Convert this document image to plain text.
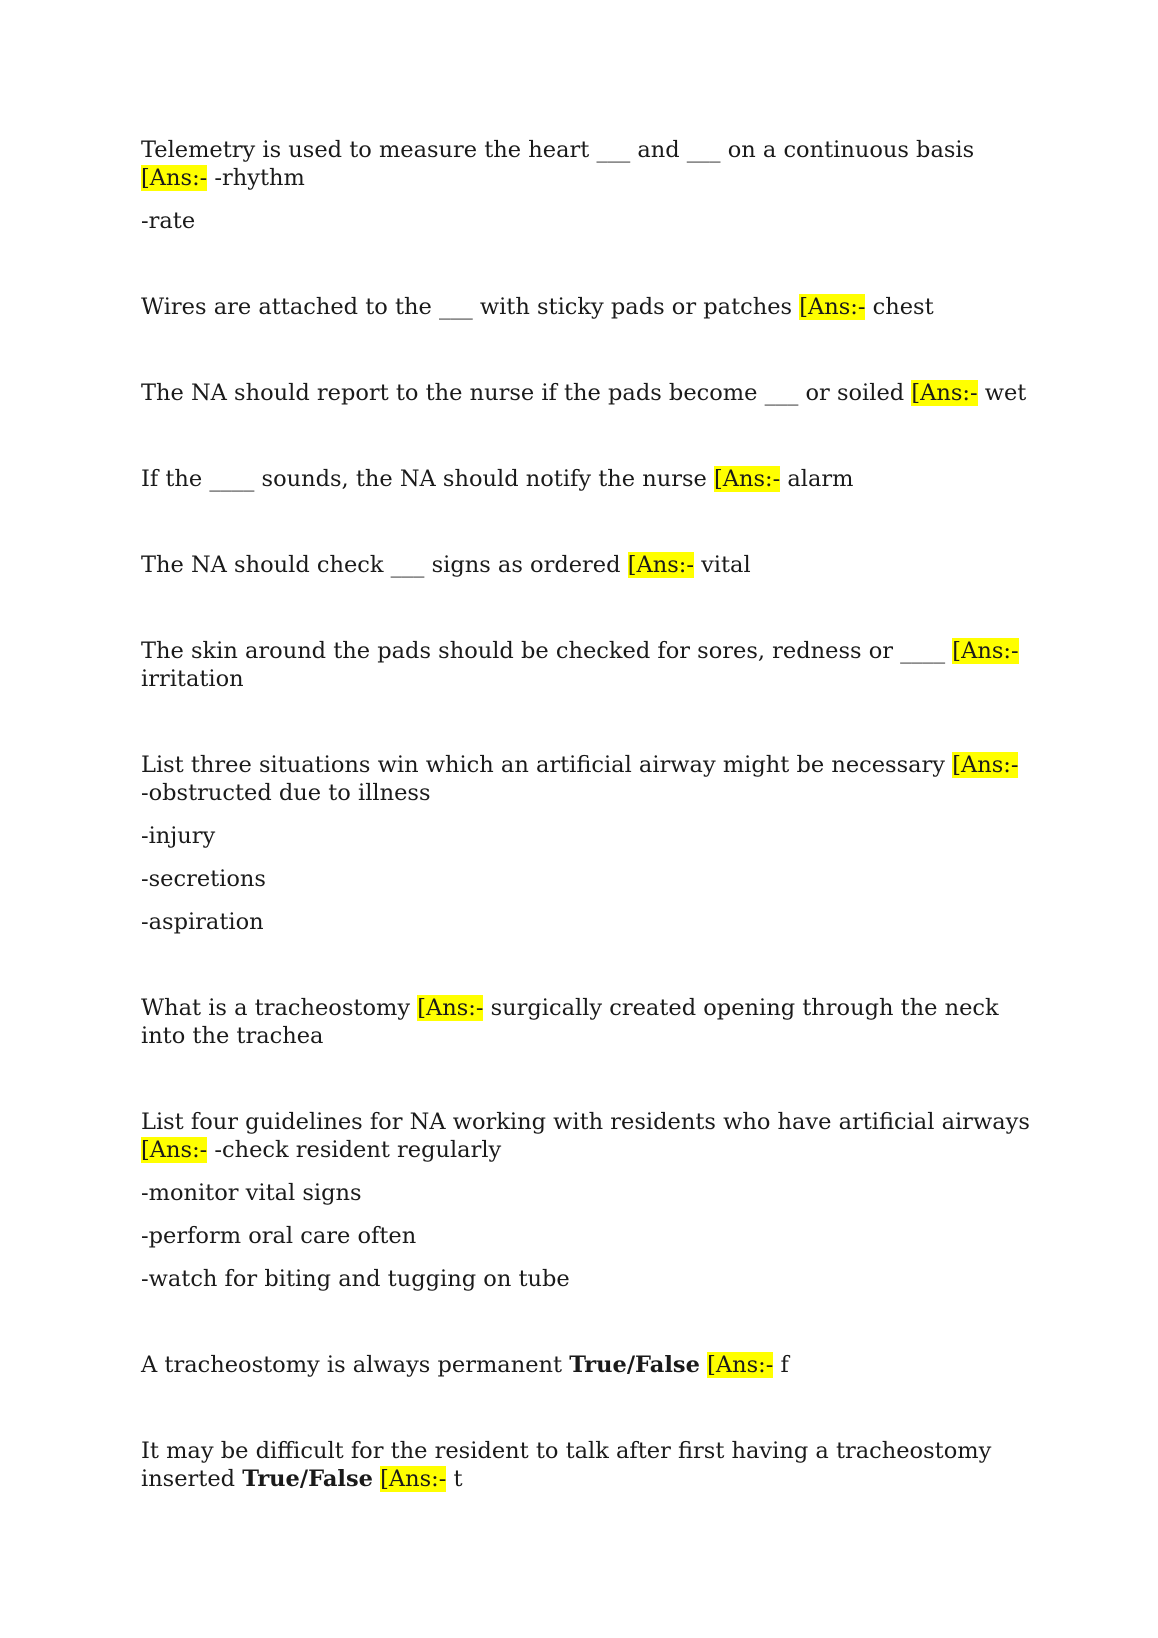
Telemetry is used to measure the heart ___ and ___ on a continuous basis [Ans:- -rhythm

-rate

Wires are attached to the ___ with sticky pads or patches [Ans:- chest

The NA should report to the nurse if the pads become ___ or soiled [Ans:- wet

If the ____ sounds, the NA should notify the nurse [Ans:- alarm

The NA should check ___ signs as ordered [Ans:- vital

The skin around the pads should be checked for sores, redness or ____ [Ans:- irritation

List three situations win which an artificial airway might be necessary [Ans:- -obstructed due to illness

-injury

-secretions

-aspiration

What is a tracheostomy [Ans:- surgically created opening through the neck into the trachea

List four guidelines for NA working with residents who have artificial airways [Ans:- -check resident regularly

-monitor vital signs

-perform oral care often

-watch for biting and tugging on tube

A tracheostomy is always permanent True/False [Ans:- f

It may be difficult for the resident to talk after first having a tracheostomy inserted True/False [Ans:- t
